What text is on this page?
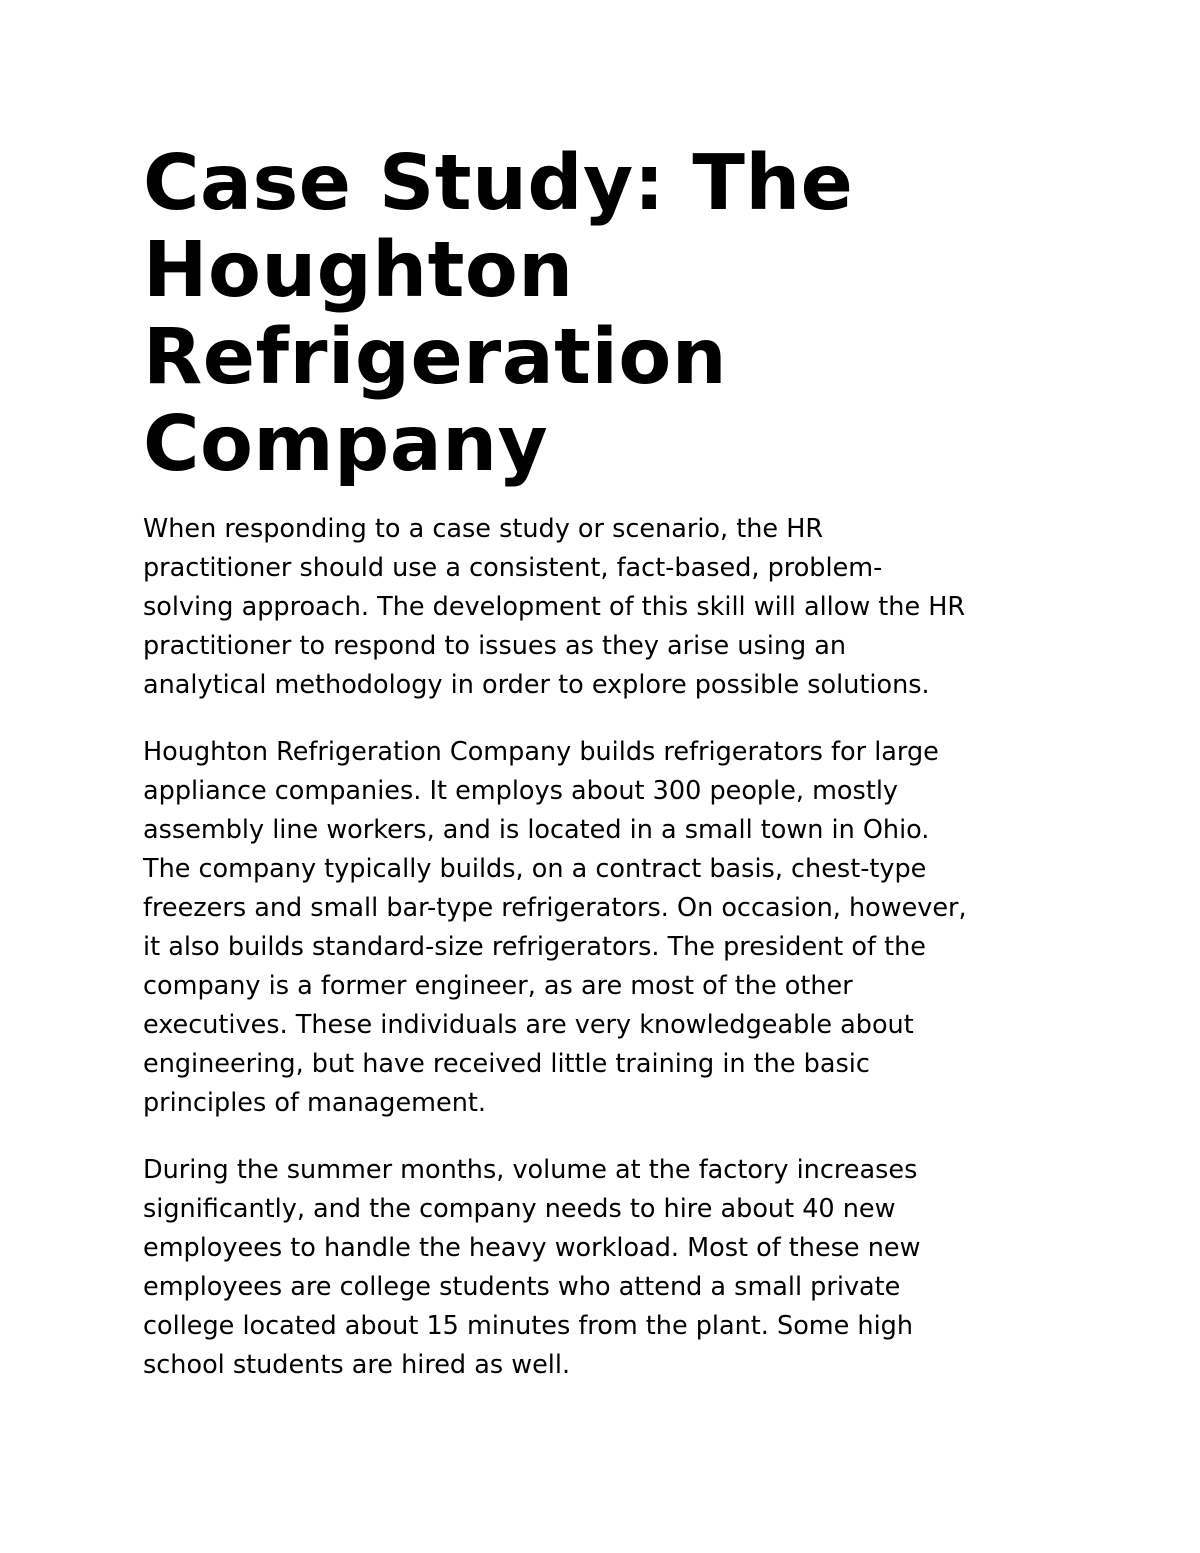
Case Study: The
Houghton
Refrigeration
Company

When responding to a case study or scenario, the HR
practitioner should use a consistent, fact-based, problem-
solving approach. The development of this skill will allow the HR
practitioner to respond to issues as they arise using an
analytical methodology in order to explore possible solutions.

Houghton Refrigeration Company builds refrigerators for large
appliance companies. It employs about 300 people, mostly
assembly line workers, and is located in a small town in Ohio.
The company typically builds, on a contract basis, chest-type
freezers and small bar-type refrigerators. On occasion, however,
it also builds standard-size refrigerators. The president of the
company is a former engineer, as are most of the other
executives. These individuals are very knowledgeable about
engineering, but have received little training in the basic
principles of management.

During the summer months, volume at the factory increases
significantly, and the company needs to hire about 40 new
employees to handle the heavy workload. Most of these new
employees are college students who attend a small private
college located about 15 minutes from the plant. Some high
school students are hired as well.
